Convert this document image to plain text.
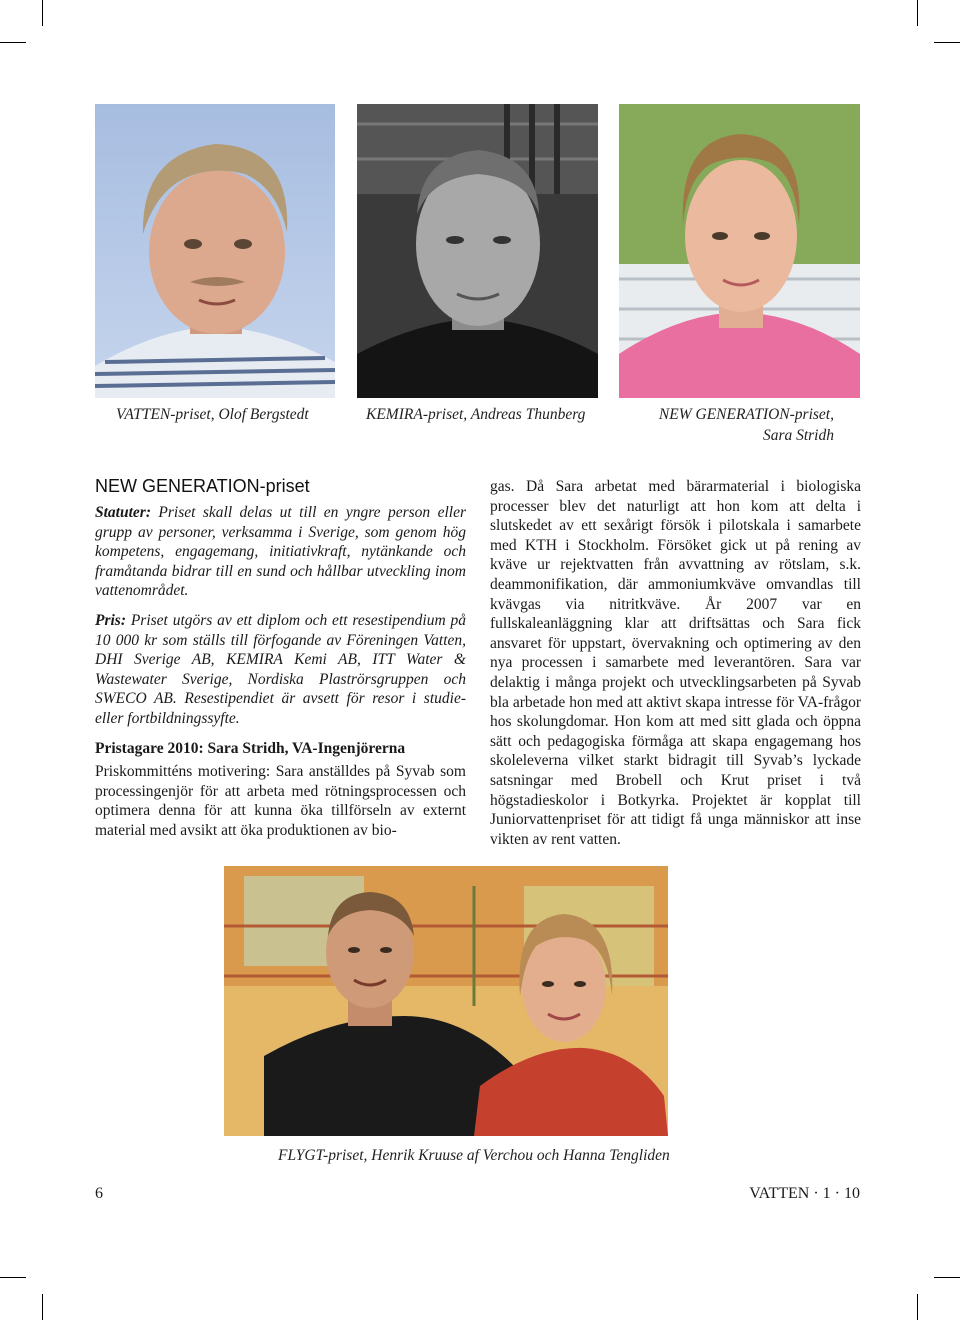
VATTEN-priset, Olof Bergstedt	KEMIRA-priset, Andreas Thunberg	NEW GENERATION-priset,
Sara Stridh
NEW GENERATION-priset

Statuter: Priset skall delas ut till en yngre person eller grupp av personer, verksamma i Sverige, som genom hög kompetens, engagemang, initiativkraft, nytänkande och framåtanda bidrar till en sund och hållbar utveckling inom vattenområdet.

Pris: Priset utgörs av ett diplom och ett resestipendium på 10 000 kr som ställs till förfogande av Föreningen Vatten, DHI Sverige AB, KEMIRA Kemi AB, ITT Water & Wastewater Sverige, Nordiska Plaströrsgruppen och SWECO AB. Resestipendiet är avsett för resor i studie- eller fortbildningssyfte.

Pristagare 2010: Sara Stridh, VA-Ingenjörerna

Priskommitténs motivering: Sara anställdes på Syvab som processingenjör för att arbeta med rötningsprocessen och optimera denna för att kunna öka tillförseln av externt material med avsikt att öka produktionen av bio-

gas. Då Sara arbetat med bärarmaterial i biologiska processer blev det naturligt att hon kom att delta i slutskedet av ett sexårigt försök i pilotskala i samarbete med KTH i Stockholm. Försöket gick ut på rening av kväve ur rejektvatten från avvattning av rötslam, s.k. deammonifikation, där ammoniumkväve omvandlas till kvävgas via nitritkväve. År 2007 var en fullskaleanläggning klar att driftsättas och Sara fick ansvaret för uppstart, övervakning och optimering av den nya processen i samarbete med leverantören. Sara var delaktig i många projekt och utvecklingsarbeten på Syvab bla arbetade hon med att aktivt skapa intresse för VA-frågor hos skolungdomar. Hon kom att med sitt glada och öppna sätt och pedagogiska förmåga att skapa engagemang hos skoleleverna vilket starkt bidragit till Syvab’s lyckade satsningar med Brobell och Krut priset i två högstadieskolor i Botkyrka. Projektet är kopplat till Juniorvattenpriset för att tidigt få unga människor att inse vikten av rent vatten.

FLYGT-priset, Henrik Kruuse af Verchou och Hanna Tengliden
6	VATTEN · 1 · 10
